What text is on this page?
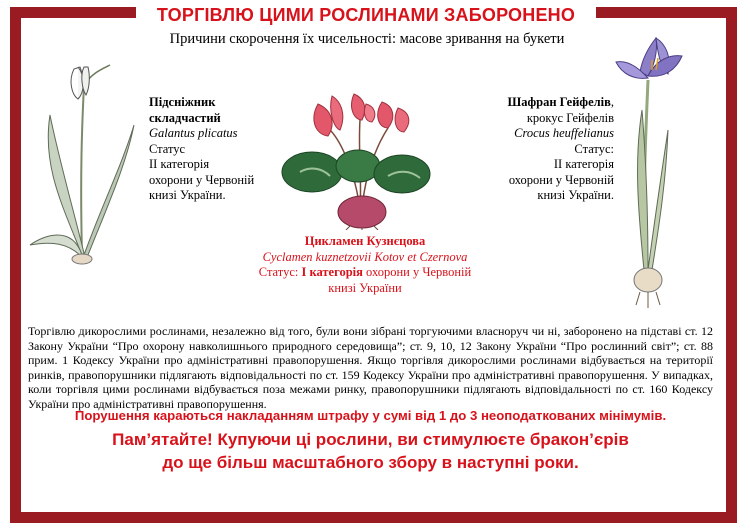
ТОРГІВЛЮ ЦИМИ РОСЛИНАМИ ЗАБОРОНЕНО
Причини скорочення їх чисельності: масове зривання на букети
Підсніжник
складчастий
Galantus plicatus
Статус
ІІ категорія
охорони у Червоній
книзі України.
Цикламен Кузнєцова
Cyclamen kuznetzovii Kotov et Czernova
Статус: І категорія охорони у Червоній
книзі України
Шафран Гейфелів,
крокус Гейфелів
Crocus heuffelianus
Статус:
ІІ категорія
охорони у Червоній
книзі України.
Торгівлю дикорослими рослинами, незалежно від того, були вони зібрані торгуючими власноруч чи ні, заборонено на підставі ст. 12 Закону України “Про охорону навколишнього природного середовища”; ст. 9, 10, 12 Закону України “Про рослинний світ”; ст. 88 прим. 1 Кодексу України про адміністративні правопорушення. Якщо торгівля дикорослими рослинами відбувається на території ринків, правопорушники підлягають відповідальності по ст. 159 Кодексу України про адміністративні правопорушення. У випадках, коли торгівля цими рослинами відбувається поза межами ринку, правопорушники підлягають відповідальності по ст. 160 Кодексу України про адміністративні правопорушення.
Порушення караються накладанням штрафу у сумі від 1 до 3 неоподаткованих мінімумів.
Пам’ятайте! Купуючи ці рослини, ви стимулюєте бракон’єрів
до ще більш масштабного збору в наступні роки.
